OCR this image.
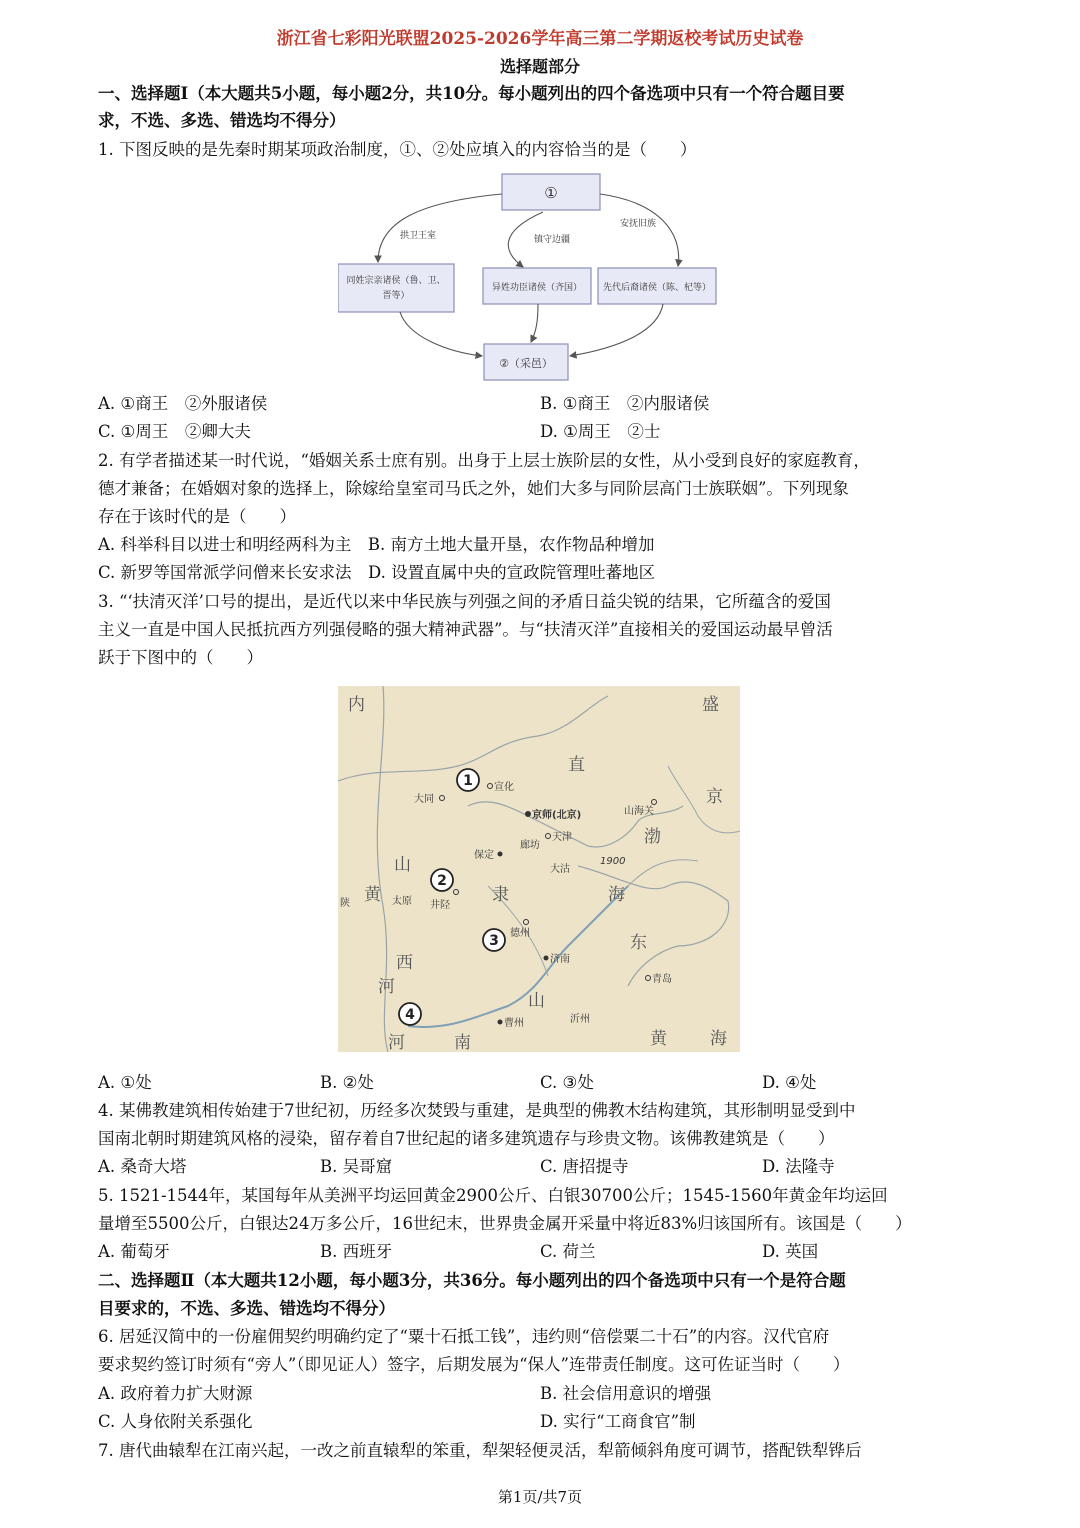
浙江省七彩阳光联盟2025-2026学年高三第二学期返校考试历史试卷
选择题部分
一、选择题Ⅰ（本大题共5小题，每小题2分，共10分。每小题列出的四个备选项中只有一个符合题目要
求，不选、多选、错选均不得分）
1. 下图反映的是先秦时期某项政治制度，①、②处应填入的内容恰当的是（　　）
①
同姓宗亲诸侯（鲁、卫、
晋等）
异姓功臣诸侯（齐国） 先代后裔诸侯（陈、杞等）
②（采邑）
拱卫王室	镇守边疆
安抚旧族
A. ①商王　②外服诸侯	B. ①商王　②内服诸侯
C. ①周王　②卿大夫	D. ①周王　②士
2. 有学者描述某一时代说，“婚姻关系士庶有别。出身于上层士族阶层的女性，从小受到良好的家庭教育，
德才兼备；在婚姻对象的选择上，除嫁给皇室司马氏之外，她们大多与同阶层高门士族联姻”。下列现象
存在于该时代的是（　　）
A. 科举科目以进士和明经两科为主　B. 南方土地大量开垦，农作物品种增加
C. 新罗等国常派学问僧来长安求法　D. 设置直属中央的宣政院管理吐蕃地区
3. “‘扶清灭洋’口号的提出，是近代以来中华民族与列强之间的矛盾日益尖锐的结果，它所蕴含的爱国
主义一直是中国人民抵抗西方列强侵略的强大精神武器”。与“扶清灭洋”直接相关的爱国运动最早曾活
跃于下图中的（　　）
内
直
盛
京
宣化
大同
京师(北京)	山海关
渤
天津
廊坊
保定
大沽
1900
山
黄	隶
太原 井陉
海
陕
德州
西
东
济南
青岛
河
山
曹州	沂州
河	南	黄	海
1
2
3
4
A. ①处	B. ②处	C. ③处	D. ④处
4. 某佛教建筑相传始建于7世纪初，历经多次焚毁与重建，是典型的佛教木结构建筑，其形制明显受到中
国南北朝时期建筑风格的浸染，留存着自7世纪起的诸多建筑遗存与珍贵文物。该佛教建筑是（　　）
A. 桑奇大塔	B. 吴哥窟	C. 唐招提寺	D. 法隆寺
5. 1521-1544年，某国每年从美洲平均运回黄金2900公斤、白银30700公斤；1545-1560年黄金年均运回
量增至5500公斤，白银达24万多公斤，16世纪末，世界贵金属开采量中将近83%归该国所有。该国是（　　）
A. 葡萄牙	B. 西班牙	C. 荷兰	D. 英国
二、选择题Ⅱ（本大题共12小题，每小题3分，共36分。每小题列出的四个备选项中只有一个是符合题
目要求的，不选、多选、错选均不得分）
6. 居延汉简中的一份雇佣契约明确约定了“粟十石抵工钱”，违约则“倍偿粟二十石”的内容。汉代官府
要求契约签订时须有“旁人”（即见证人）签字，后期发展为“保人”连带责任制度。这可佐证当时（　　）
A. 政府着力扩大财源	B. 社会信用意识的增强
C. 人身依附关系强化	D. 实行“工商食官”制
7. 唐代曲辕犁在江南兴起，一改之前直辕犁的笨重，犁架轻便灵活，犁箭倾斜角度可调节，搭配铁犁铧后
第1页/共7页
